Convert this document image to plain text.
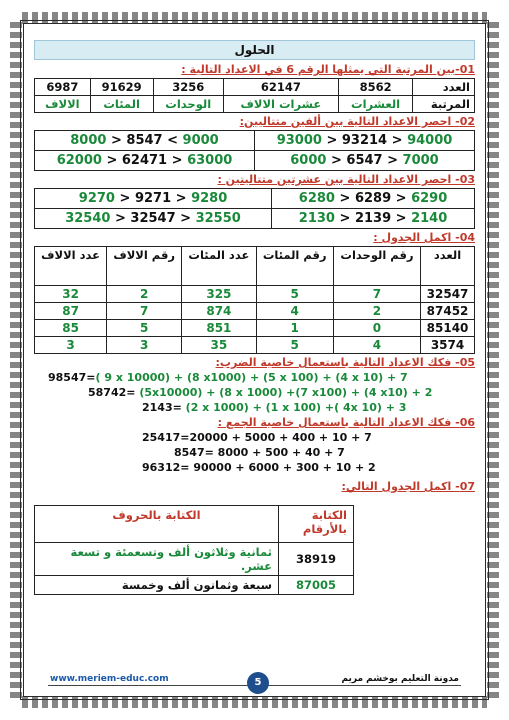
الحلول
01-بين المرتبة التي يمثلها الرقم 6 في الاعداد التالية :
العدد	8562	62147	3256	91629	6987
المرتبة	العشرات	عشرات الالاف	الوحدات	المئات	الالاف
02- احصر الاعداد التالية بين ألفين متتاليين:
94000 < 93214 < 93000	9000 > 8547 < 8000
7000 < 6547 < 6000	63000 < 62471 < 62000
03- احصر الاعداد التالية بين عشرتين متتاليتين :
6290 < 6289 < 6280	9280 < 9271 < 9270
2140 < 2139 < 2130	32550 < 32547 < 32540
04- اكمل الجدول :
العدد	رقم الوحدات	رقم المئات	عدد المئات	رقم الالاف	عدد الالاف
32547	7	5	325	2	32
87452	2	4	874	7	87
85140	0	1	851	5	85
3574	4	5	35	3	3
05- فكك الاعداد التالية باستعمال خاصية الضرب:
98547=( 9 x 10000) + (8 x1000) + (5 x 100) + (4 x 10) + 7
58742= (5x10000) + (8 x 1000) +(7 x100) + (4 x10) + 2
2143= (2 x 1000) + (1 x 100) +( 4x 10) + 3
06- فكك الاعداد التالية باستعمال خاصية الجمع :
25417=20000 + 5000 + 400 + 10 + 7
8547= 8000 + 500 + 40 + 7
96312= 90000 + 6000 + 300 + 10 + 2
07- اكمل الجدول التالي:
الكتابة بالأرقام	الكتابة بالحروف
38919	ثمانية وثلاثون ألف وتسعمئة و تسعة عشر.
87005	سبعة وثمانون ألف وخمسة
www.meriem-educ.com	مدونة التعليم بوخشم مريم
5
